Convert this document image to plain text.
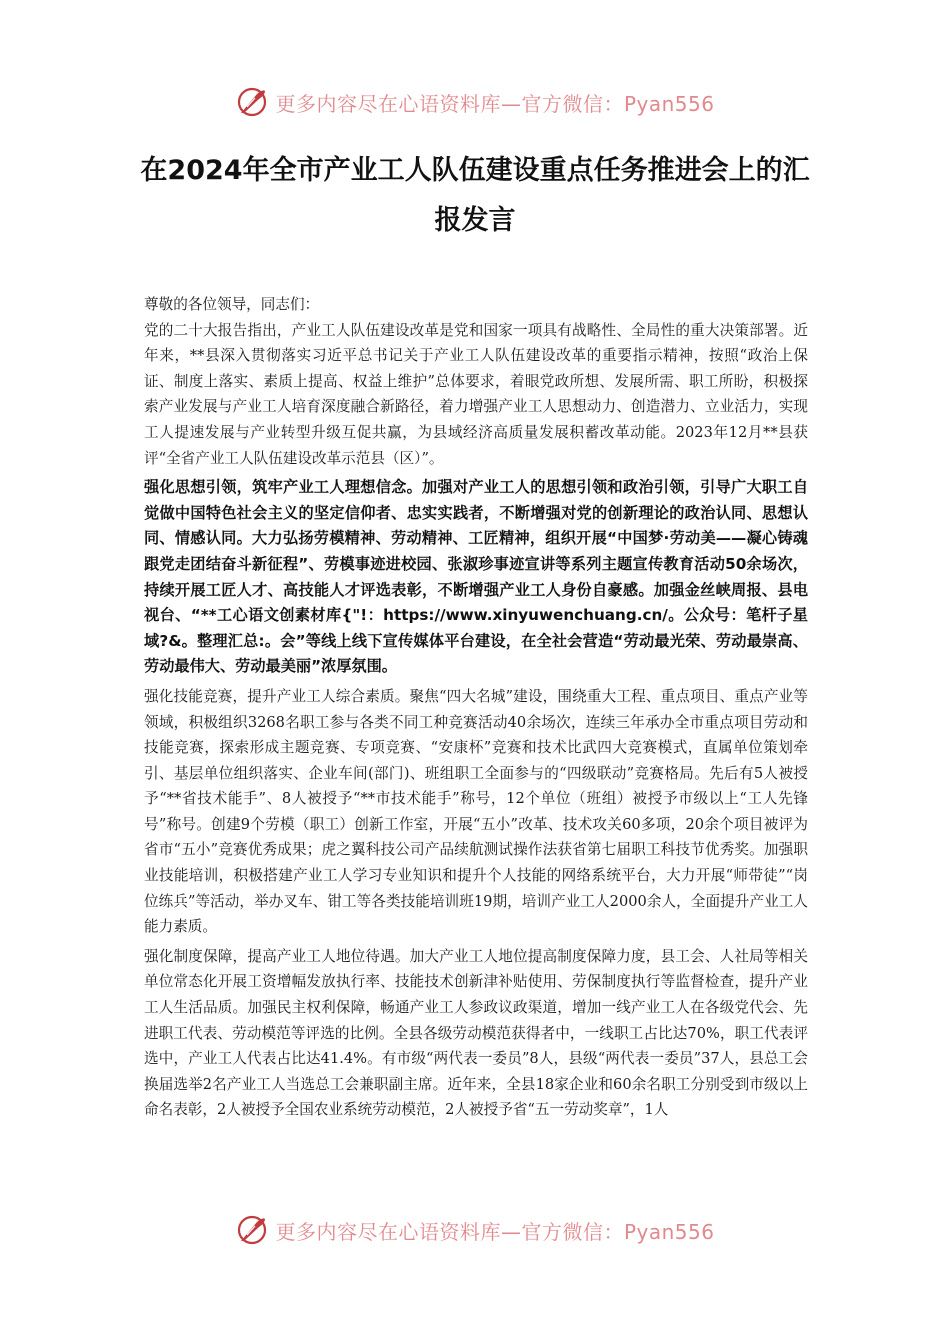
更多内容尽在心语资料库—官方微信：Pyan556
在2024年全市产业工人队伍建设重点任务推进会上的汇报发言

尊敬的各位领导，同志们：

党的二十大报告指出，产业工人队伍建设改革是党和国家一项具有战略性、全局性的重大决策部署。近年来，**县深入贯彻落实习近平总书记关于产业工人队伍建设改革的重要指示精神，按照“政治上保证、制度上落实、素质上提高、权益上维护”总体要求，着眼党政所想、发展所需、职工所盼，积极探索产业发展与产业工人培育深度融合新路径，着力增强产业工人思想动力、创造潜力、立业活力，实现工人提速发展与产业转型升级互促共赢，为县域经济高质量发展积蓄改革动能。2023年12月**县获评“全省产业工人队伍建设改革示范县（区）”。

强化思想引领，筑牢产业工人理想信念。加强对产业工人的思想引领和政治引领，引导广大职工自觉做中国特色社会主义的坚定信仰者、忠实实践者，不断增强对党的创新理论的政治认同、思想认同、情感认同。大力弘扬劳模精神、劳动精神、工匠精神，组织开展“中国梦·劳动美——凝心铸魂跟党走团结奋斗新征程”、劳模事迹进校园、张淑珍事迹宣讲等系列主题宣传教育活动50余场次，持续开展工匠人才、高技能人才评选表彰，不断增强产业工人身份自豪感。加强金丝峡周报、县电视台、“**工心语文创素材库{"!：https://www.xinyuwenchuang.cn/。公众号：笔杆子星域?&。整理汇总:。会”等线上线下宣传媒体平台建设，在全社会营造“劳动最光荣、劳动最崇高、劳动最伟大、劳动最美丽”浓厚氛围。

强化技能竞赛，提升产业工人综合素质。聚焦“四大名城”建设，围绕重大工程、重点项目、重点产业等领域，积极组织3268名职工参与各类不同工种竞赛活动40余场次，连续三年承办全市重点项目劳动和技能竞赛，探索形成主题竞赛、专项竞赛、“安康杯”竞赛和技术比武四大竞赛模式，直属单位策划牵引、基层单位组织落实、企业车间(部门)、班组职工全面参与的“四级联动”竞赛格局。先后有5人被授予“**省技术能手”、8人被授予“**市技术能手”称号，12个单位（班组）被授予市级以上“工人先锋号”称号。创建9个劳模（职工）创新工作室，开展“五小”改革、技术攻关60多项，20余个项目被评为省市“五小”竞赛优秀成果；虎之翼科技公司产品续航测试操作法获省第七届职工科技节优秀奖。加强职业技能培训，积极搭建产业工人学习专业知识和提升个人技能的网络系统平台，大力开展“师带徒”“岗位练兵”等活动，举办叉车、钳工等各类技能培训班19期，培训产业工人2000余人，全面提升产业工人能力素质。

强化制度保障，提高产业工人地位待遇。加大产业工人地位提高制度保障力度，县工会、人社局等相关单位常态化开展工资增幅发放执行率、技能技术创新津补贴使用、劳保制度执行等监督检查，提升产业工人生活品质。加强民主权利保障，畅通产业工人参政议政渠道，增加一线产业工人在各级党代会、先进职工代表、劳动模范等评选的比例。全县各级劳动模范获得者中，一线职工占比达70%，职工代表评选中，产业工人代表占比达41.4%。有市级“两代表一委员”8人，县级“两代表一委员”37人，县总工会换届选举2名产业工人当选总工会兼职副主席。近年来，全县18家企业和60余名职工分别受到市级以上命名表彰，2人被授予全国农业系统劳动模范，2人被授予省“五一劳动奖章”，1人

更多内容尽在心语资料库—官方微信：Pyan556
